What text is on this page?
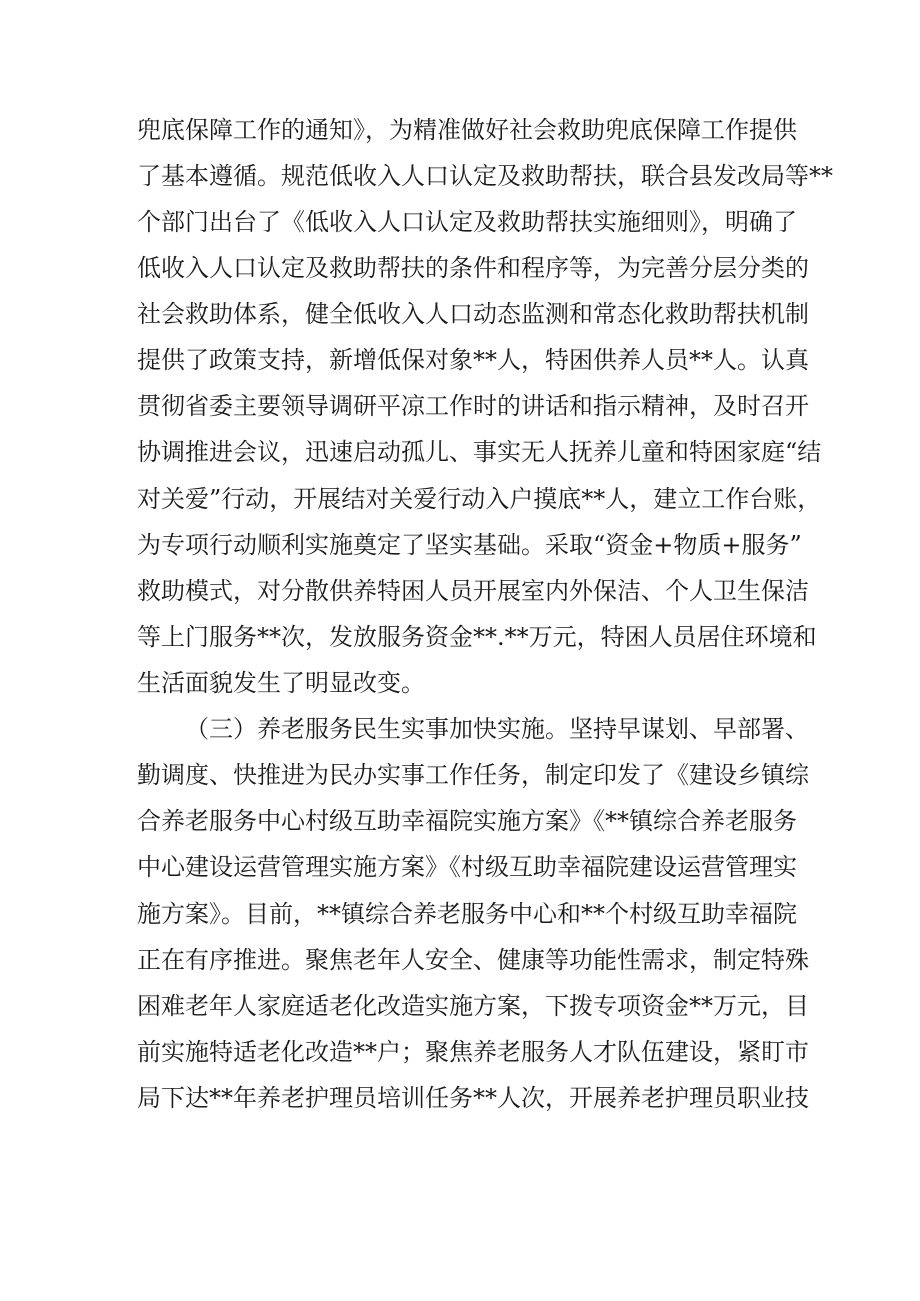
兜底保障工作的通知》，为精准做好社会救助兜底保障工作提供
了基本遵循。规范低收入人口认定及救助帮扶，联合县发改局等**
个部门出台了《低收入人口认定及救助帮扶实施细则》，明确了
低收入人口认定及救助帮扶的条件和程序等，为完善分层分类的
社会救助体系，健全低收入人口动态监测和常态化救助帮扶机制
提供了政策支持，新增低保对象**人，特困供养人员**人。认真
贯彻省委主要领导调研平凉工作时的讲话和指示精神，及时召开
协调推进会议，迅速启动孤儿、事实无人抚养儿童和特困家庭“结
对关爱”行动，开展结对关爱行动入户摸底**人，建立工作台账，
为专项行动顺利实施奠定了坚实基础。采取“资金+物质+服务”
救助模式，对分散供养特困人员开展室内外保洁、个人卫生保洁
等上门服务**次，发放服务资金**.**万元，特困人员居住环境和
生活面貌发生了明显改变。
（三）养老服务民生实事加快实施。坚持早谋划、早部署、
勤调度、快推进为民办实事工作任务，制定印发了《建设乡镇综
合养老服务中心村级互助幸福院实施方案》《**镇综合养老服务
中心建设运营管理实施方案》《村级互助幸福院建设运营管理实
施方案》。目前，**镇综合养老服务中心和**个村级互助幸福院
正在有序推进。聚焦老年人安全、健康等功能性需求，制定特殊
困难老年人家庭适老化改造实施方案，下拨专项资金**万元，目
前实施特适老化改造**户；聚焦养老服务人才队伍建设，紧盯市
局下达**年养老护理员培训任务**人次，开展养老护理员职业技
